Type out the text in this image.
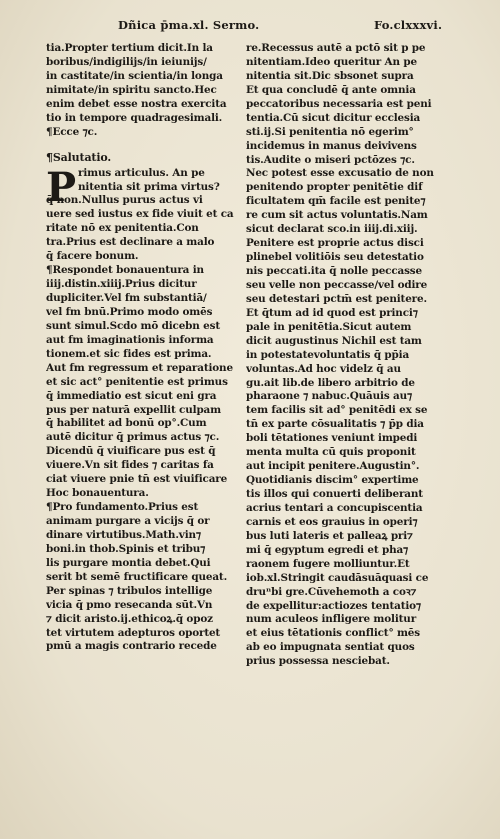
Dñica p̄ma.xl. Sermo.	Fo.clxxxvi.
tia.Propter tertium dicit.In la
boribus/indigilijs/in ieiunijs/
in castitate/in scientia/in longa
nimitate/in spiritu sancto.Hec
enim debet esse nostra exercita
tio in tempore quadragesimali.
¶Ecce ⁊c.
¶Salutatio.
P rimus articulus. An pe
nitentia sit prima virtus?
q̄ non.Nullus purus actus vi
uere sed iustus ex fide viuit et ca
ritate nō ex penitentia.Con
tra.Prius est declinare a malo
q̄ facere bonum.
¶Respondet bonauentura in
iiij.distin.xiiij.Prius dicitur
dupliciter.Vel fm substantiā/
vel fm bnū.Primo modo omēs
sunt simul.Scdo mō dicebn est
aut fm imaginationis informa
tionem.et sic fides est prima.
Aut fm regressum et reparatione
et sic act° penitentie est primus
q̄ immediatio est sicut eni gra
pus per naturā expellit culpam
q̄ habilitet ad bonū op°.Cum
autē dicitur q̄ primus actus ⁊c.
Dicendū q̄ viuificare pus est q̄
viuere.Vn sit fides ⁊ caritas fa
ciat viuere pnie tn̄ est viuificare
Hoc bonauentura.
¶Pro fundamento.Prius est
animam purgare a vicijs q̄ or
dinare virtutibus.Math.vin⁊
boni.in thob.Spinis et tribu⁊
lis purgare montia debet.Qui
serit bt semē fructificare queat.
Per spinas ⁊ tribulos intellige
vicia q̄ pmo resecanda sūt.Vn
⁊ dicit aristo.ij.ethicoꝝ.q̄ opoz
tet virtutem adepturos oportet
pmū a magis contrario recede
re.Recessus autē a pctō sit p pe
nitentiam.Ideo queritur An pe
nitentia sit.Dic sbsonet supra
Et qua concludē q̄ ante omnia
peccatoribus necessaria est peni
tentia.Cū sicut dicitur ecclesia
sti.ij.Si penitentia nō egerim°
incidemus in manus deivivens
tis.Audite o miseri pctōzes ⁊c.
Nec potest esse excusatio de non
penitendo propter penitētie dif
ficultatem qm̄ facile est penite⁊
re cum sit actus voluntatis.Nam
sicut declarat sco.in iiij.di.xiij.
Penitere est proprie actus disci
plinebel volitiōis seu detestatio
nis peccati.ita q̄ nolle peccasse
seu velle non peccasse/vel odire
seu detestari pctm̄ est penitere.
Et q̄tum ad id quod est princi⁊
pale in penitētia.Sicut autem
dicit augustinus Nichil est tam
in potestatevoluntatis q̄ pp̄ia
voluntas.Ad hoc videlz q̄ au
gu.ait lib.de libero arbitrio de
pharaone ⁊ nabuc.Quāuis au⁊
tem facilis sit ad° penitēdi ex se
tn̄ ex parte cōsualitatis ⁊ p̄p dia
boli tētationes veniunt impedi
menta multa cū quis proponit
aut incipit penitere.Augustin°.
Quotidianis discim° expertime
tis illos qui conuerti deliberant
acrius tentari a concupiscentia
carnis et eos grauius in operi⁊
bus luti lateris et palleaꝝ pri⁊
mi q̄ egyptum egredi et pha⁊
raonem fugere molliuntur.Et
iob.xl.Stringit caudāsuāquasi ce
druⁿbi gre.Cūvehemoth a coꝛ⁊
de expellitur:actiozes tentatio⁊
num aculeos infligere molitur
et eius tētationis conflict° mēs
ab eo impugnata sentiat quos
prius possessa nesciebat.
